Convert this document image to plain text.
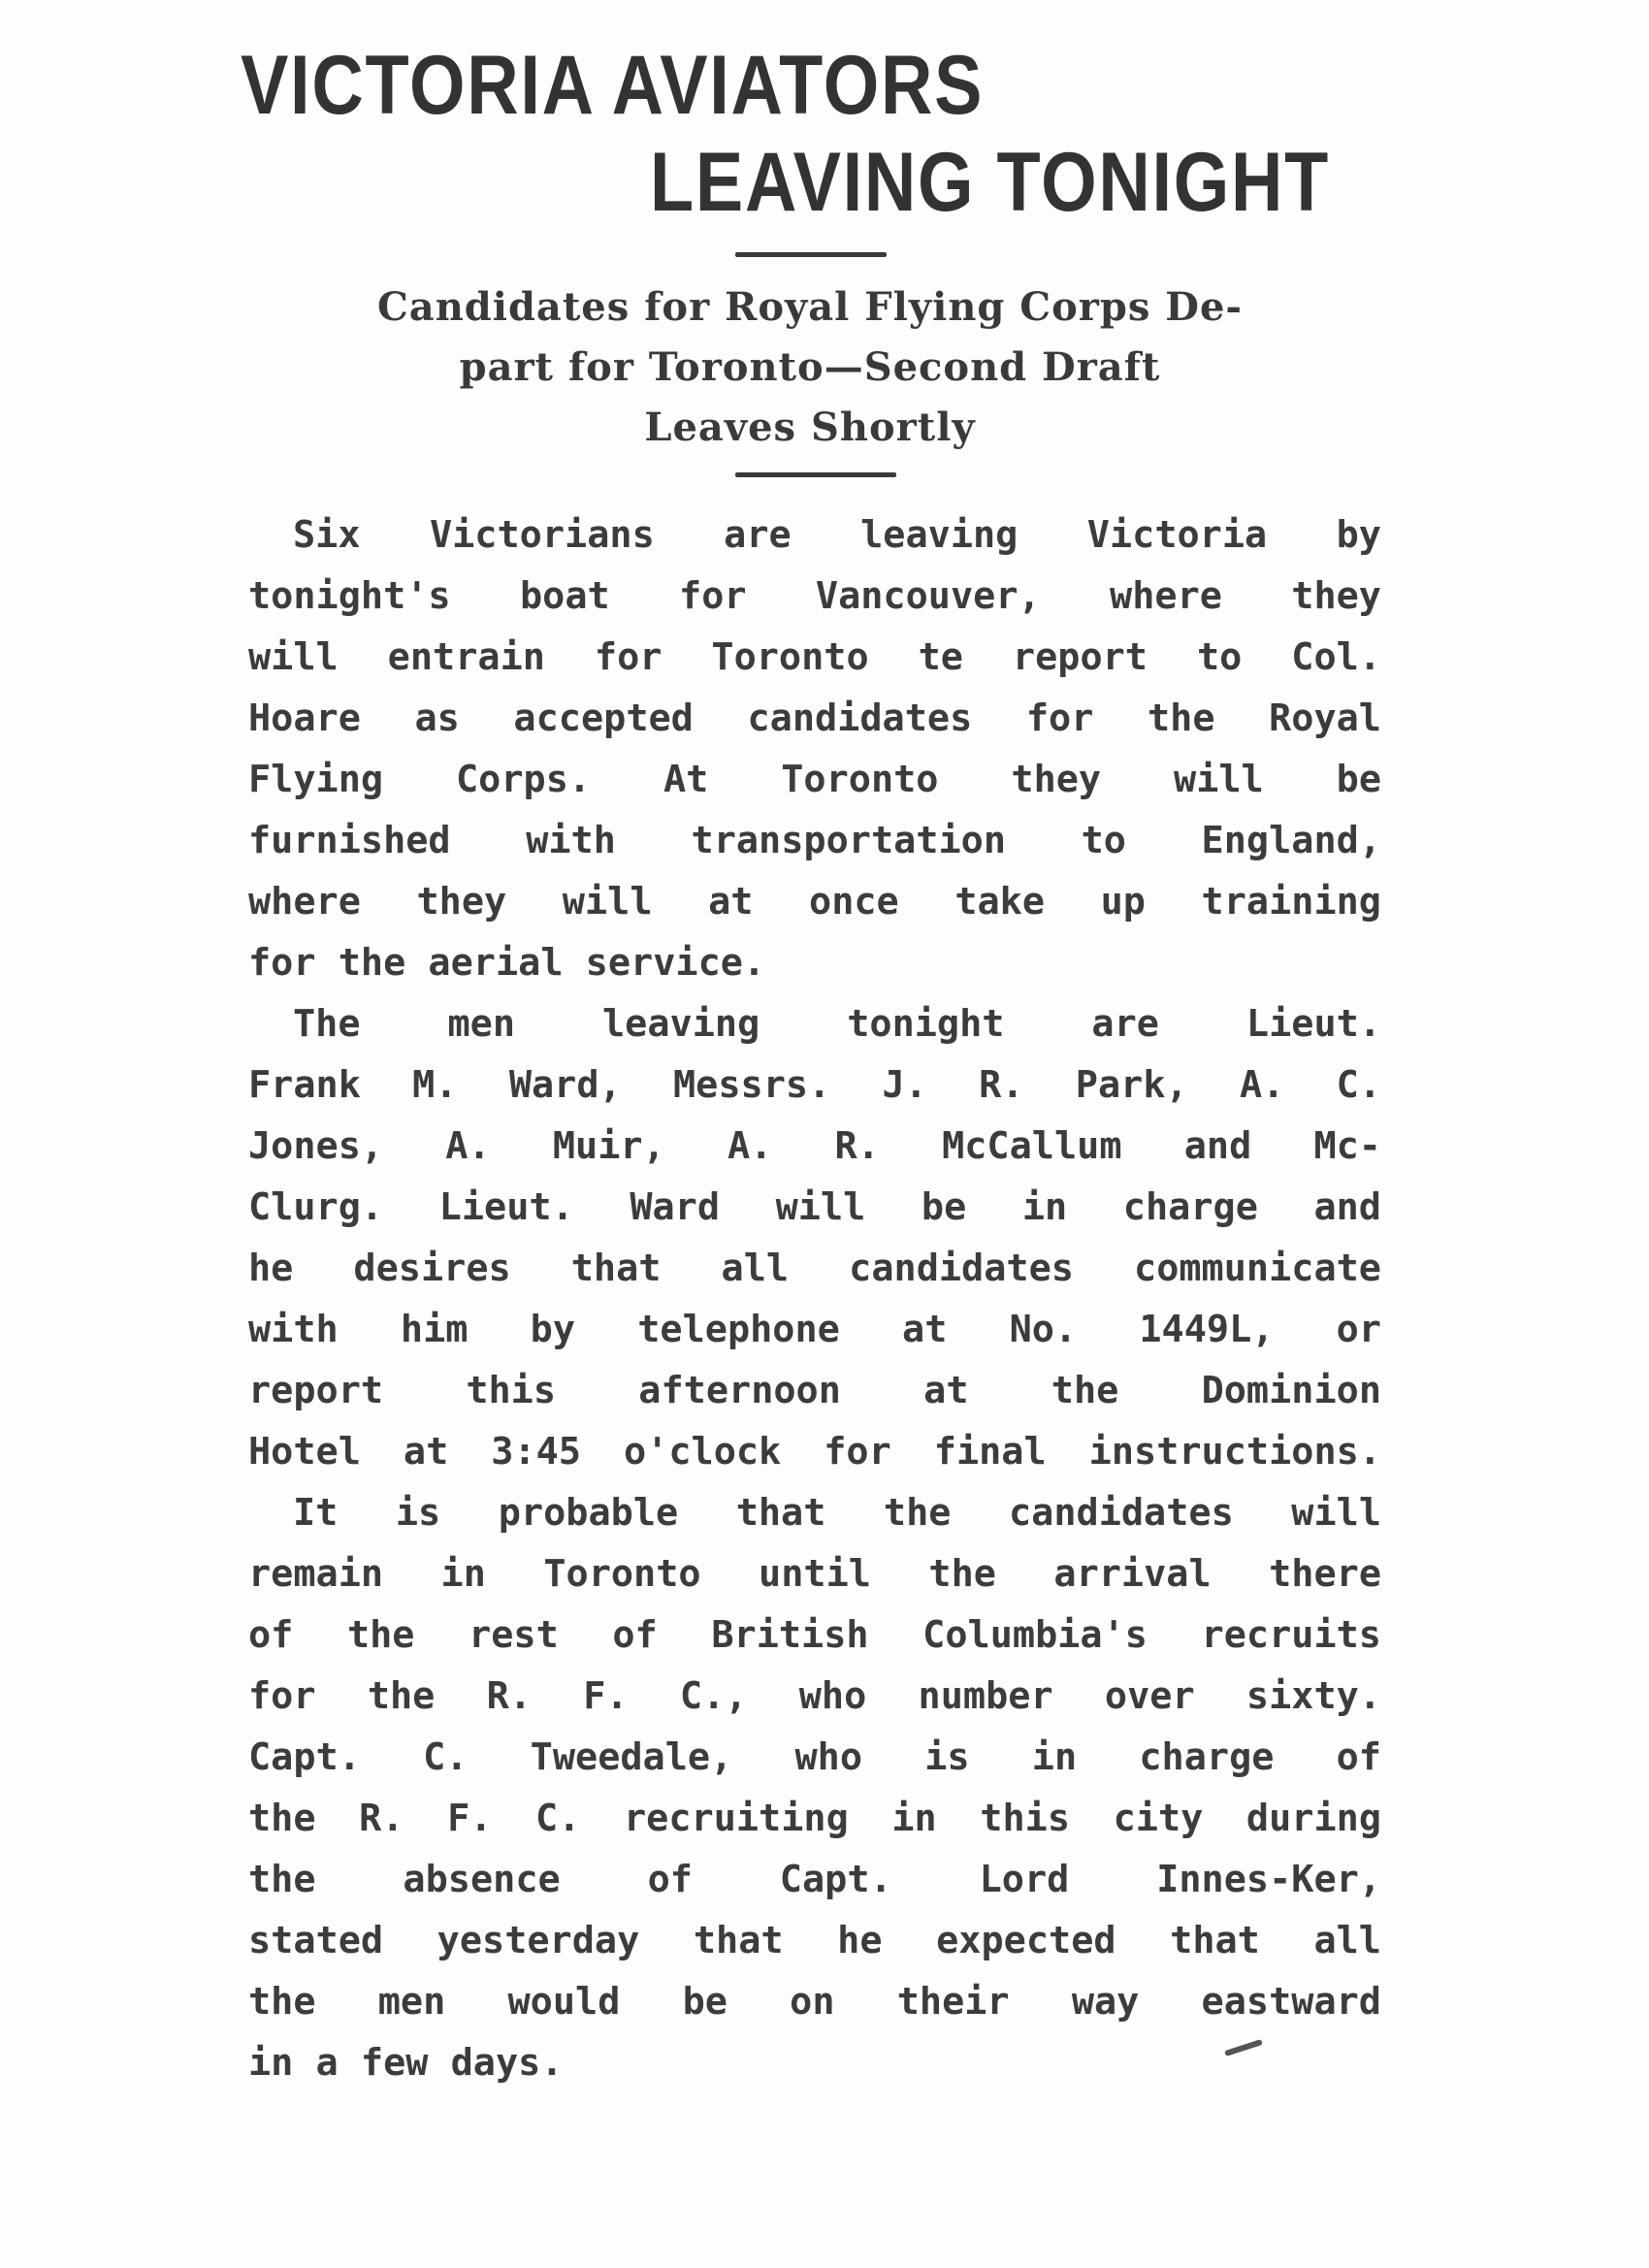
VICTORIA AVIATORS
LEAVING TONIGHT
Candidates for Royal Flying Corps De-
part for Toronto—Second Draft
Leaves Shortly
Six Victorians are leaving Victoria by
tonight's boat for Vancouver, where they
will entrain for Toronto te report to Col.
Hoare as accepted candidates for the Royal
Flying Corps. At Toronto they will be
furnished with transportation to England,
where they will at once take up training
for the aerial service.
The men leaving tonight are Lieut.
Frank M. Ward, Messrs. J. R. Park, A. C.
Jones, A. Muir, A. R. McCallum and Mc-
Clurg. Lieut. Ward will be in charge and
he desires that all candidates communicate
with him by telephone at No. 1449L, or
report this afternoon at the Dominion
Hotel at 3:45 o'clock for final instructions.
It is probable that the candidates will
remain in Toronto until the arrival there
of the rest of British Columbia's recruits
for the R. F. C., who number over sixty.
Capt. C. Tweedale, who is in charge of
the R. F. C. recruiting in this city during
the absence of Capt. Lord Innes-Ker,
stated yesterday that he expected that all
the men would be on their way eastward
in a few days.
